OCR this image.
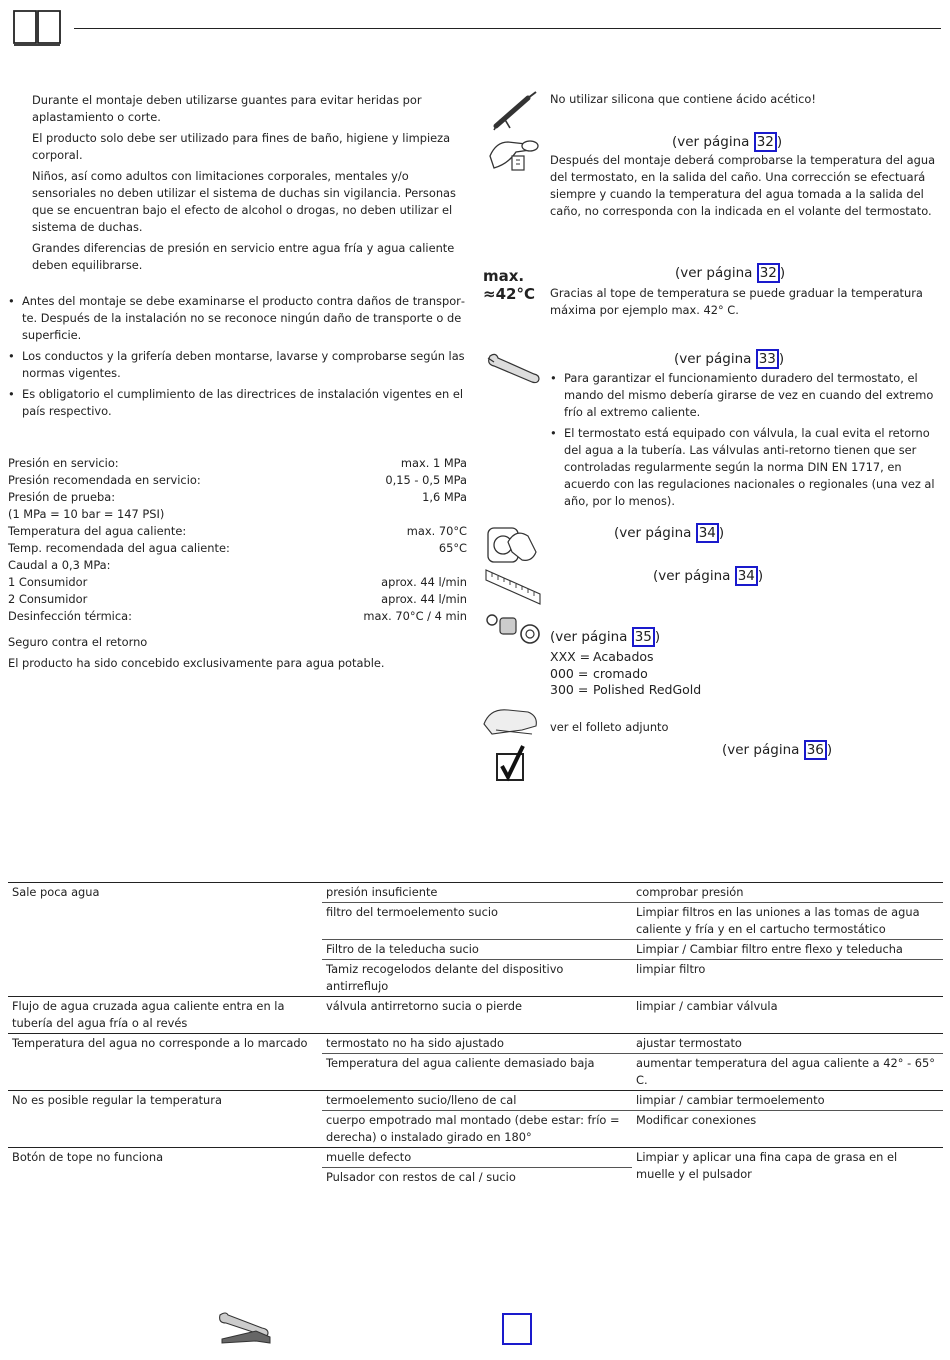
Durante el montaje deben utilizarse guantes para evitar heridas por aplastamiento o corte.

El producto solo debe ser utilizado para fines de baño, higiene y limpieza corporal.

Niños, así como adultos con limitaciones corporales, mentales y/o sensoriales no deben utilizar el sistema de duchas sin vigilancia. Personas que se encuentran bajo el efecto de alcohol o drogas, no deben utilizar el sistema de duchas.

Grandes diferencias de presión en servicio entre agua fría y agua caliente deben equilibrarse.

• Antes del montaje se debe examinarse el producto contra daños de transporte. Después de la instalación no se reconoce ningún daño de transporte o de superficie.
• Los conductos y la grifería deben montarse, lavarse y comprobarse según las normas vigentes.
• Es obligatorio el cumplimiento de las directrices de instalación vigentes en el país respectivo.
Presión en servicio:	max. 1 MPa
Presión recomendada en servicio:	0,15 - 0,5 MPa
Presión de prueba:	1,6 MPa
(1 MPa = 10 bar = 147 PSI)
Temperatura del agua caliente:	max. 70°C
Temp. recomendada del agua caliente:	65°C
Caudal a 0,3 MPa:
1 Consumidor	aprox. 44 l/min
2 Consumidor	aprox. 44 l/min
Desinfección térmica:	max. 70°C / 4 min

Seguro contra el retorno

El producto ha sido concebido exclusivamente para agua potable.

No utilizar silicona que contiene ácido acético!

(ver página 32 )

Después del montaje deberá comprobarse la temperatura del agua del termostato, en la salida del caño. Una corrección se efectuará siempre y cuando la temperatura del agua tomada a la salida del caño, no corresponda con la indicada en el volante del termostato.

max.
≈42°C
(ver página 32 )

Gracias al tope de temperatura se puede graduar la temperatura máxima por ejemplo max. 42° C.

(ver página 33 )
• Para garantizar el funcionamiento duradero del termostato, el mando del mismo debería girarse de vez en cuando del extremo frío al extremo caliente.
• El termostato está equipado con válvula, la cual evita el retorno del agua a la tubería. Las válvulas anti-retorno tienen que ser controladas regularmente según la norma DIN EN 1717, en acuerdo con las regulaciones nacionales o regionales (una vez al año, por lo menos).
(ver página 34 )
(ver página 34 )
(ver página 35 )
XXX = Acabados
000 = cromado
300 = Polished RedGold

ver el folleto adjunto

(ver página 36 )
Sale poca agua	presión insuficiente	comprobar presión
	filtro del termoelemento sucio	Limpiar filtros en las uniones a las tomas de agua caliente y fría y en el cartucho termostático
	Filtro de la teleducha sucio	Limpiar / Cambiar filtro entre flexo y teleducha
	Tamiz recogelodos delante del dispositivo antirreflujo	limpiar filtro
Flujo de agua cruzada agua caliente entra en la tubería del agua fría o al revés	válvula antirretorno sucia o pierde	limpiar / cambiar válvula
Temperatura del agua no corresponde a lo marcado	termostato no ha sido ajustado	ajustar termostato
	Temperatura del agua caliente demasiado baja	aumentar temperatura del agua caliente a 42° - 65° C.
No es posible regular la temperatura	termoelemento sucio/lleno de cal	limpiar / cambiar termoelemento
	cuerpo empotrado mal montado (debe estar: frío = derecha) o instalado girado en 180°	Modificar conexiones
Botón de tope no funciona	muelle defecto	Limpiar y aplicar una fina capa de grasa en el muelle y el pulsador
	Pulsador con restos de cal / sucio	
